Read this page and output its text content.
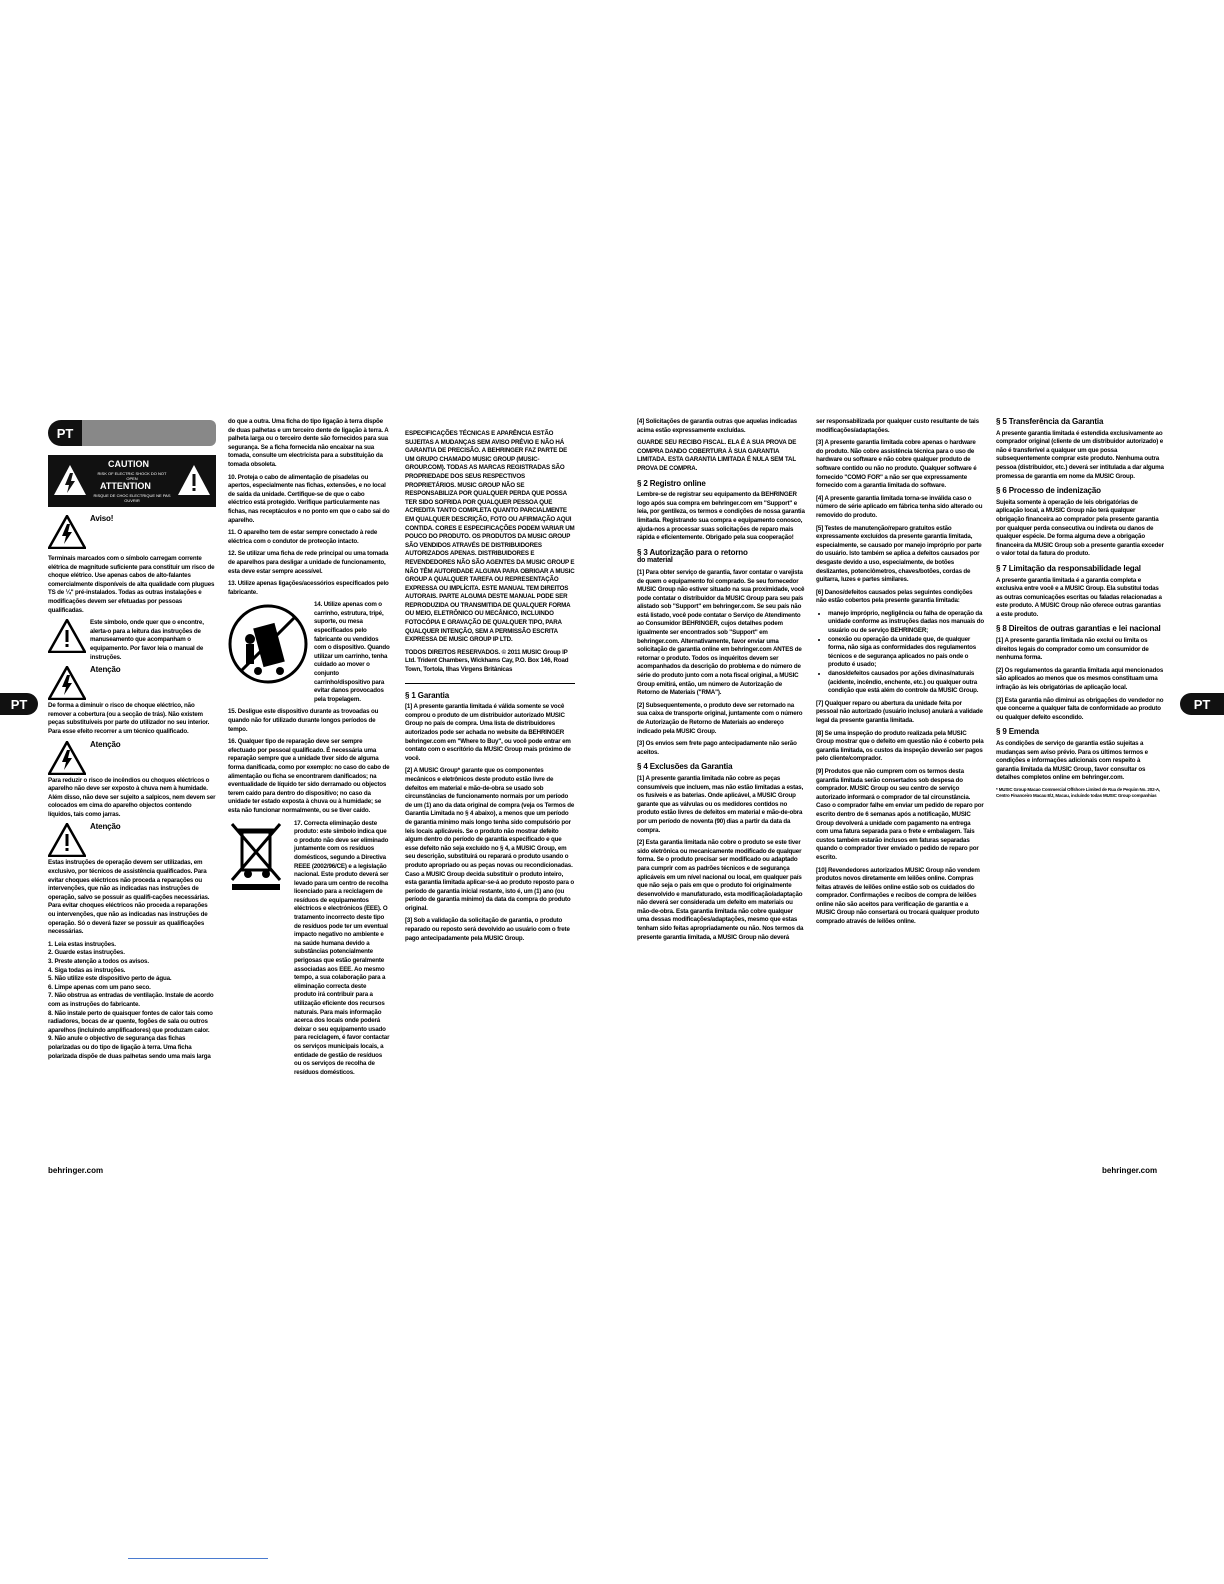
PT	PT
PT
CAUTION
RISK OF ELECTRIC SHOCK DO NOT OPEN
ATTENTION
RISQUE DE CHOC ELECTRIQUE NE PAS OUVRIR
Aviso!

Terminais marcados com o símbolo carregam corrente elétrica de magnitude suficiente para constituir um risco de choque elétrico. Use apenas cabos de alto-falantes comercialmente disponíveis de alta qualidade com plugues TS de ¼" pré-instalados. Todas as outras instalações e modificações devem ser efetuadas por pessoas qualificadas.

Este símbolo, onde quer que o encontre, alerta-o para a leitura das instruções de manuseamento que acompanham o equipamento. Por favor leia o manual de instruções.

Atenção

De forma a diminuir o risco de choque eléctrico, não remover a cobertura (ou a secção de trás). Não existem peças substituíveis por parte do utilizador no seu interior. Para esse efeito recorrer a um técnico qualificado.

Atenção

Para reduzir o risco de incêndios ou choques eléctricos o aparelho não deve ser exposto à chuva nem à humidade. Além disso, não deve ser sujeito a salpicos, nem devem ser colocados em cima do aparelho objectos contendo líquidos, tais como jarras.

Atenção

Estas instruções de operação devem ser utilizadas, em exclusivo, por técnicos de assistência qualificados. Para evitar choques eléctricos não proceda a reparações ou intervenções, que não as indicadas nas instruções de operação, salvo se possuir as qualifi-cações necessárias. Para evitar choques eléctricos não proceda a reparações ou intervenções, que não as indicadas nas instruções de operação. Só o deverá fazer se possuir as qualificações necessárias.

1. Leia estas instruções.
2. Guarde estas instruções.
3. Preste atenção a todos os avisos.
4. Siga todas as instruções.
5. Não utilize este dispositivo perto de água.
6. Limpe apenas com um pano seco.
7. Não obstrua as entradas de ventilação. Instale de acordo com as instruções do fabricante.
8. Não instale perto de quaisquer fontes de calor tais como radiadores, bocas de ar quente, fogões de sala ou outros aparelhos (incluindo amplificadores) que produzam calor.
9. Não anule o objectivo de segurança das fichas polarizadas ou do tipo de ligação à terra. Uma ficha polarizada dispõe de duas palhetas sendo uma mais larga

do que a outra. Uma ficha do tipo ligação à terra dispõe de duas palhetas e um terceiro dente de ligação à terra. A palheta larga ou o terceiro dente são fornecidos para sua segurança. Se a ficha fornecida não encaixar na sua tomada, consulte um electricista para a substituição da tomada obsoleta.

10. Proteja o cabo de alimentação de pisadelas ou apertos, especialmente nas fichas, extensões, e no local de saída da unidade. Certifique-se de que o cabo eléctrico está protegido. Verifique particularmente nas fichas, nas receptáculos e no ponto em que o cabo sai do aparelho.

11. O aparelho tem de estar sempre conectado à rede eléctrica com o condutor de protecção intacto.

12. Se utilizar uma ficha de rede principal ou uma tomada de aparelhos para desligar a unidade de funcionamento, esta deve estar sempre acessível.

13. Utilize apenas ligações/acessórios especificados pelo fabricante.

14. Utilize apenas com o carrinho, estrutura, tripé, suporte, ou mesa especificados pelo fabricante ou vendidos com o dispositivo. Quando utilizar um carrinho, tenha cuidado ao mover o conjunto carrinho/dispositivo para evitar danos provocados pela tropelagem.

15. Desligue este dispositivo durante as trovoadas ou quando não for utilizado durante longos períodos de tempo.

16. Qualquer tipo de reparação deve ser sempre efectuado por pessoal qualificado. É necessária uma reparação sempre que a unidade tiver sido de alguma forma danificada, como por exemplo: no caso do cabo de alimentação ou ficha se encontrarem danificados; na eventualidade de líquido ter sido derramado ou objectos terem caído para dentro do dispositivo; no caso da unidade ter estado exposta à chuva ou à humidade; se esta não funcionar normalmente, ou se tiver caído.

17. Correcta eliminação deste produto: este símbolo indica que o produto não deve ser eliminado juntamente com os resíduos domésticos, segundo a Directiva REEE (2002/96/CE) e a legislação nacional. Este produto deverá ser levado para um centro de recolha licenciado para a reciclagem de resíduos de equipamentos eléctricos e electrónicos (EEE). O tratamento incorrecto deste tipo de resíduos pode ter um eventual impacto negativo no ambiente e na saúde humana devido a substâncias potencialmente perigosas que estão geralmente associadas aos EEE. Ao mesmo tempo, a sua colaboração para a eliminação correcta deste produto irá contribuir para a utilização eficiente dos recursos naturais. Para mais informação acerca dos locais onde poderá deixar o seu equipamento usado para reciclagem, é favor contactar os serviços municipais locais, a entidade de gestão de resíduos ou os serviços de recolha de resíduos domésticos.

ESPECIFICAÇÕES TÉCNICAS E APARÊNCIA ESTÃO SUJEITAS A MUDANÇAS SEM AVISO PRÉVIO E NÃO HÁ GARANTIA DE PRECISÃO. A BEHRINGER FAZ PARTE DE UM GRUPO CHAMADO MUSIC GROUP (MUSIC-GROUP.COM). TODAS AS MARCAS REGISTRADAS SÃO PROPRIEDADE DOS SEUS RESPECTIVOS PROPRIETÁRIOS. MUSIC GROUP NÃO SE RESPONSABILIZA POR QUALQUER PERDA QUE POSSA TER SIDO SOFRIDA POR QUALQUER PESSOA QUE ACREDITA TANTO COMPLETA QUANTO PARCIALMENTE EM QUALQUER DESCRIÇÃO, FOTO OU AFIRMAÇÃO AQUI CONTIDA. CORES E ESPECIFICAÇÕES PODEM VARIAR UM POUCO DO PRODUTO. OS PRODUTOS DA MUSIC GROUP SÃO VENDIDOS ATRAVÉS DE DISTRIBUIDORES AUTORIZADOS APENAS. DISTRIBUIDORES E REVENDEDORES NÃO SÃO AGENTES DA MUSIC GROUP E NÃO TÊM AUTORIDADE ALGUMA PARA OBRIGAR A MUSIC GROUP A QUALQUER TAREFA OU REPRESENTAÇÃO EXPRESSA OU IMPLÍCITA. ESTE MANUAL TEM DIREITOS AUTORAIS. PARTE ALGUMA DESTE MANUAL PODE SER REPRODUZIDA OU TRANSMITIDA DE QUALQUER FORMA OU MEIO, ELETRÔNICO OU MECÂNICO, INCLUINDO FOTOCÓPIA E GRAVAÇÃO DE QUALQUER TIPO, PARA QUALQUER INTENÇÃO, SEM A PERMISSÃO ESCRITA EXPRESSA DE MUSIC GROUP IP LTD.

TODOS DIREITOS RESERVADOS. © 2011 MUSIC Group IP Ltd. Trident Chambers, Wickhams Cay, P.O. Box 146, Road Town, Tortola, Ilhas Virgens Britânicas

§ 1 Garantia

[1] A presente garantia limitada é válida somente se você comprou o produto de um distribuidor autorizado MUSIC Group no país de compra. Uma lista de distribuidores autorizados pode ser achada no website da BEHRINGER behringer.com em "Where to Buy", ou você pode entrar em contato com o escritório da MUSIC Group mais próximo de você.

[2] A MUSIC Group* garante que os componentes mecânicos e eletrônicos deste produto estão livre de defeitos em material e mão-de-obra se usado sob circunstâncias de funcionamento normais por um período de um (1) ano da data original de compra (veja os Termos de Garantia Limitada no § 4 abaixo), a menos que um período de garantia mínimo mais longo tenha sido compulsório por leis locais aplicáveis. Se o produto não mostrar defeito algum dentro do período de garantia especificado e que esse defeito não seja excluído no § 4, a MUSIC Group, em seu descrição, substituirá ou reparará o produto usando o produto apropriado ou as peças novas ou recondicionadas. Caso a MUSIC Group decida substituir o produto inteiro, esta garantia limitada aplicar-se-á ao produto reposto para o período de garantia inicial restante, isto é, um (1) ano (ou período de garantia mínimo) da data da compra do produto original.

[3] Sob a validação da solicitação de garantia, o produto reparado ou reposto será devolvido ao usuário com o frete pago antecipadamente pela MUSIC Group.

[4] Solicitações de garantia outras que aquelas indicadas acima estão expressamente excluídas.

GUARDE SEU RECIBO FISCAL. ELA É A SUA PROVA DE COMPRA DANDO COBERTURA À SUA GARANTIA LIMITADA. ESTA GARANTIA LIMITADA É NULA SEM TAL PROVA DE COMPRA.

§ 2 Registro online

Lembre-se de registrar seu equipamento da BEHRINGER logo após sua compra em behringer.com em "Support" e leia, por gentileza, os termos e condições de nossa garantia limitada. Registrando sua compra e equipamento conosco, ajuda-nos a processar suas solicitações de reparo mais rápida e eficientemente. Obrigado pela sua cooperação!

§ 3 Autorização para o retorno
do material

[1] Para obter serviço de garantia, favor contatar o varejista de quem o equipamento foi comprado. Se seu fornecedor MUSIC Group não estiver situado na sua proximidade, você pode contatar o distribuidor da MUSIC Group para seu país alistado sob "Support" em behringer.com. Se seu país não está listado, você pode contatar o Serviço de Atendimento ao Consumidor BEHRINGER, cujos detalhes podem igualmente ser encontrados sob "Support" em behringer.com. Alternativamente, favor enviar uma solicitação de garantia online em behringer.com ANTES de retornar o produto. Todos os inquéritos devem ser acompanhados da descrição do problema e do número de série do produto junto com a nota fiscal original, a MUSIC Group emitirá, então, um número de Autorização de Retorno de Materiais ("RMA").

[2] Subsequentemente, o produto deve ser retornado na sua caixa de transporte original, juntamente com o número de Autorização de Retorno de Materiais ao endereço indicado pela MUSIC Group.

[3] Os envios sem frete pago antecipadamente não serão aceitos.

§ 4 Exclusões da Garantia

[1] A presente garantia limitada não cobre as peças consumíveis que incluem, mas não estão limitadas a estas, os fusíveis e as baterias. Onde aplicável, a MUSIC Group garante que as válvulas ou os medidores contidos no produto estão livres de defeitos em material e mão-de-obra por um período de noventa (90) dias a partir da data da compra.

[2] Esta garantia limitada não cobre o produto se este tiver sido eletrônica ou mecanicamente modificado de qualquer forma. Se o produto precisar ser modificado ou adaptado para cumprir com as padrões técnicos e de segurança aplicáveis em um nível nacional ou local, em qualquer país que não seja o país em que o produto foi originalmente desenvolvido e manufaturado, esta modificação/adaptação não deverá ser considerada um defeito em materiais ou mão-de-obra. Esta garantia limitada não cobre qualquer uma dessas modificações/adaptações, mesmo que estas tenham sido feitas apropriadamente ou não. Nos termos da presente garantia limitada, a MUSIC Group não deverá

ser responsabilizada por qualquer custo resultante de tais modificações/adaptações.

[3] A presente garantia limitada cobre apenas o hardware do produto. Não cobre assistência técnica para o uso de hardware ou software e não cobre qualquer produto de software contido ou não no produto. Qualquer software é fornecido "COMO FOR" a não ser que expressamente fornecido com a garantia limitada do software.

[4] A presente garantia limitada torna-se inválida caso o número de série aplicado em fábrica tenha sido alterado ou removido do produto.

[5] Testes de manutenção/reparo gratuitos estão expressamente excluídos da presente garantia limitada, especialmente, se causado por manejo impróprio por parte do usuário. Isto também se aplica a defeitos causados por desgaste devido a uso, especialmente, de botões deslizantes, potenciômetros, chaves/botões, cordas de guitarra, luzes e partes similares.

[6] Danos/defeitos causados pelas seguintes condições não estão cobertos pela presente garantia limitada:

• manejo impróprio, negligência ou falha de operação da unidade conforme as instruções dadas nos manuais do usuário ou de serviço BEHRINGER;
• conexão ou operação da unidade que, de qualquer forma, não siga as conformidades dos regulamentos técnicos e de segurança aplicados no país onde o produto é usado;
• danos/defeitos causados por ações divinas/naturais (acidente, incêndio, enchente, etc.) ou qualquer outra condição que está além do controle da MUSIC Group.

[7] Qualquer reparo ou abertura da unidade feita por pessoal não autorizado (usuário incluso) anulará a validade legal da presente garantia limitada.

[8] Se uma inspeção do produto realizada pela MUSIC Group mostrar que o defeito em questão não é coberto pela garantia limitada, os custos da inspeção deverão ser pagos pelo cliente/comprador.

[9] Produtos que não cumprem com os termos desta garantia limitada serão consertados sob despesa do comprador. MUSIC Group ou seu centro de serviço autorizado informará o comprador de tal circunstância. Caso o comprador falhe em enviar um pedido de reparo por escrito dentro de 6 semanas após a notificação, MUSIC Group devolverá a unidade com pagamento na entrega com uma fatura separada para o frete e embalagem. Tais custos também estarão inclusos em faturas separadas quando o comprador tiver enviado o pedido de reparo por escrito.

[10] Revendedores autorizados MUSIC Group não vendem produtos novos diretamente em leilões online. Compras feitas através de leilões online estão sob os cuidados do comprador. Confirmações e recibos de compra de leilões online não são aceitos para verificação de garantia e a MUSIC Group não consertará ou trocará qualquer produto comprado através de leilões online.

§ 5 Transferência da Garantia

A presente garantia limitada é estendida exclusivamente ao comprador original (cliente de um distribuidor autorizado) e não é transferível a qualquer um que possa subsequentemente comprar este produto. Nenhuma outra pessoa (distribuidor, etc.) deverá ser intitulada a dar alguma promessa de garantia em nome da MUSIC Group.

§ 6 Processo de indenização

Sujeita somente à operação de leis obrigatórias de aplicação local, a MUSIC Group não terá qualquer obrigação financeira ao comprador pela presente garantia por qualquer perda consecutiva ou indireta ou danos de qualquer espécie. De forma alguma deve a obrigação financeira da MUSIC Group sob a presente garantia exceder o valor total da fatura do produto.

§ 7 Limitação da responsabilidade legal

A presente garantia limitada é a garantia completa e exclusiva entre você e a MUSIC Group. Ela substitui todas as outras comunicações escritas ou faladas relacionadas a este produto. A MUSIC Group não oferece outras garantias a este produto.

§ 8 Direitos de outras garantias e lei nacional

[1] A presente garantia limitada não exclui ou limita os direitos legais do comprador como um consumidor de nenhuma forma.

[2] Os regulamentos da garantia limitada aqui mencionados são aplicados ao menos que os mesmos constituam uma infração às leis obrigatórias de aplicação local.

[3] Esta garantia não diminui as obrigações do vendedor no que concerne a qualquer falta de conformidade ao produto ou qualquer defeito escondido.

§ 9 Emenda

As condições de serviço de garantia estão sujeitas a mudanças sem aviso prévio. Para os últimos termos e condições e informações adicionais com respeito à garantia limitada da MUSIC Group, favor consultar os detalhes completos online em behringer.com.

* MUSIC Group Macao Commercial Offshore Limited de Rua de Pequim No. 202-A, Centro Financeiro Macau 8/J, Macau, incluindo todas MUSIC Group companhias

behringer.com	behringer.com
